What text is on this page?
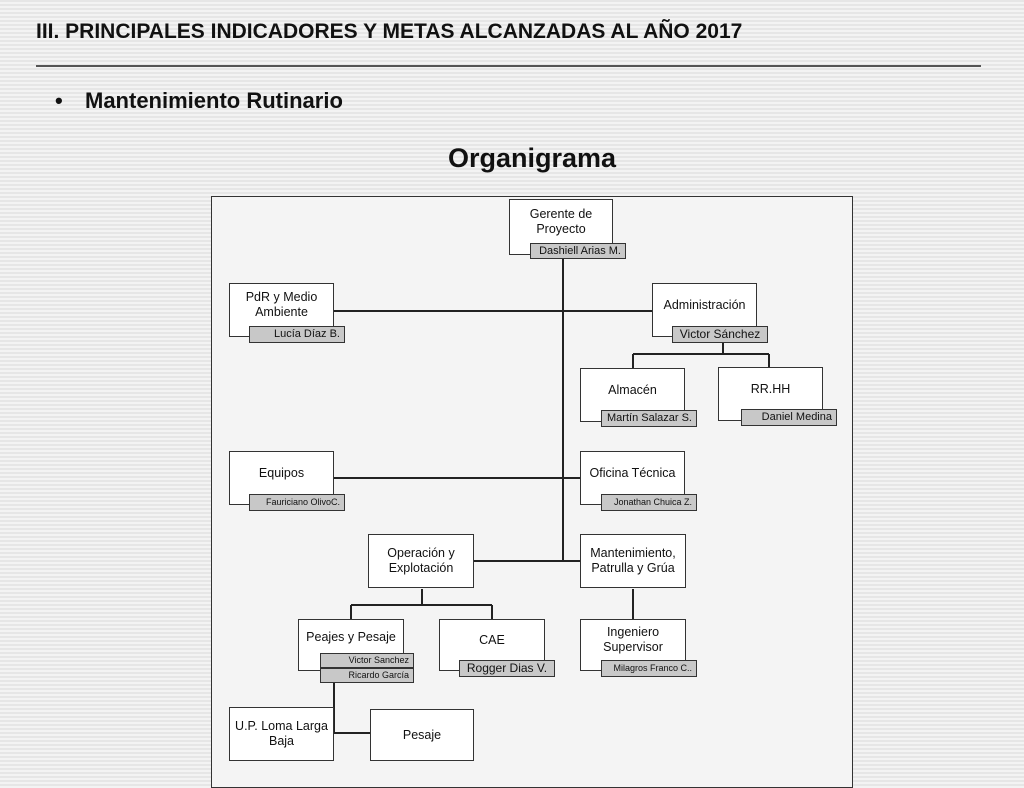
III. PRINCIPALES INDICADORES Y METAS ALCANZADAS AL AÑO 2017
• Mantenimiento Rutinario
Organigrama
Gerente de Proyecto
Dashiell Arias M.
PdR y Medio Ambiente
Lucía Díaz B.
Administración
Victor Sánchez
Almacén
Martín Salazar S.
RR.HH
Daniel Medina
Equipos
Fauriciano OlivoC.
Oficina Técnica
Jonathan Chuica Z.
Operación y Explotación
Mantenimiento, Patrulla y Grúa
Peajes y Pesaje
Victor Sanchez
Ricardo García
CAE
Rogger Dias V.
Ingeniero Supervisor
Milagros Franco C..
U.P. Loma Larga Baja	Pesaje
